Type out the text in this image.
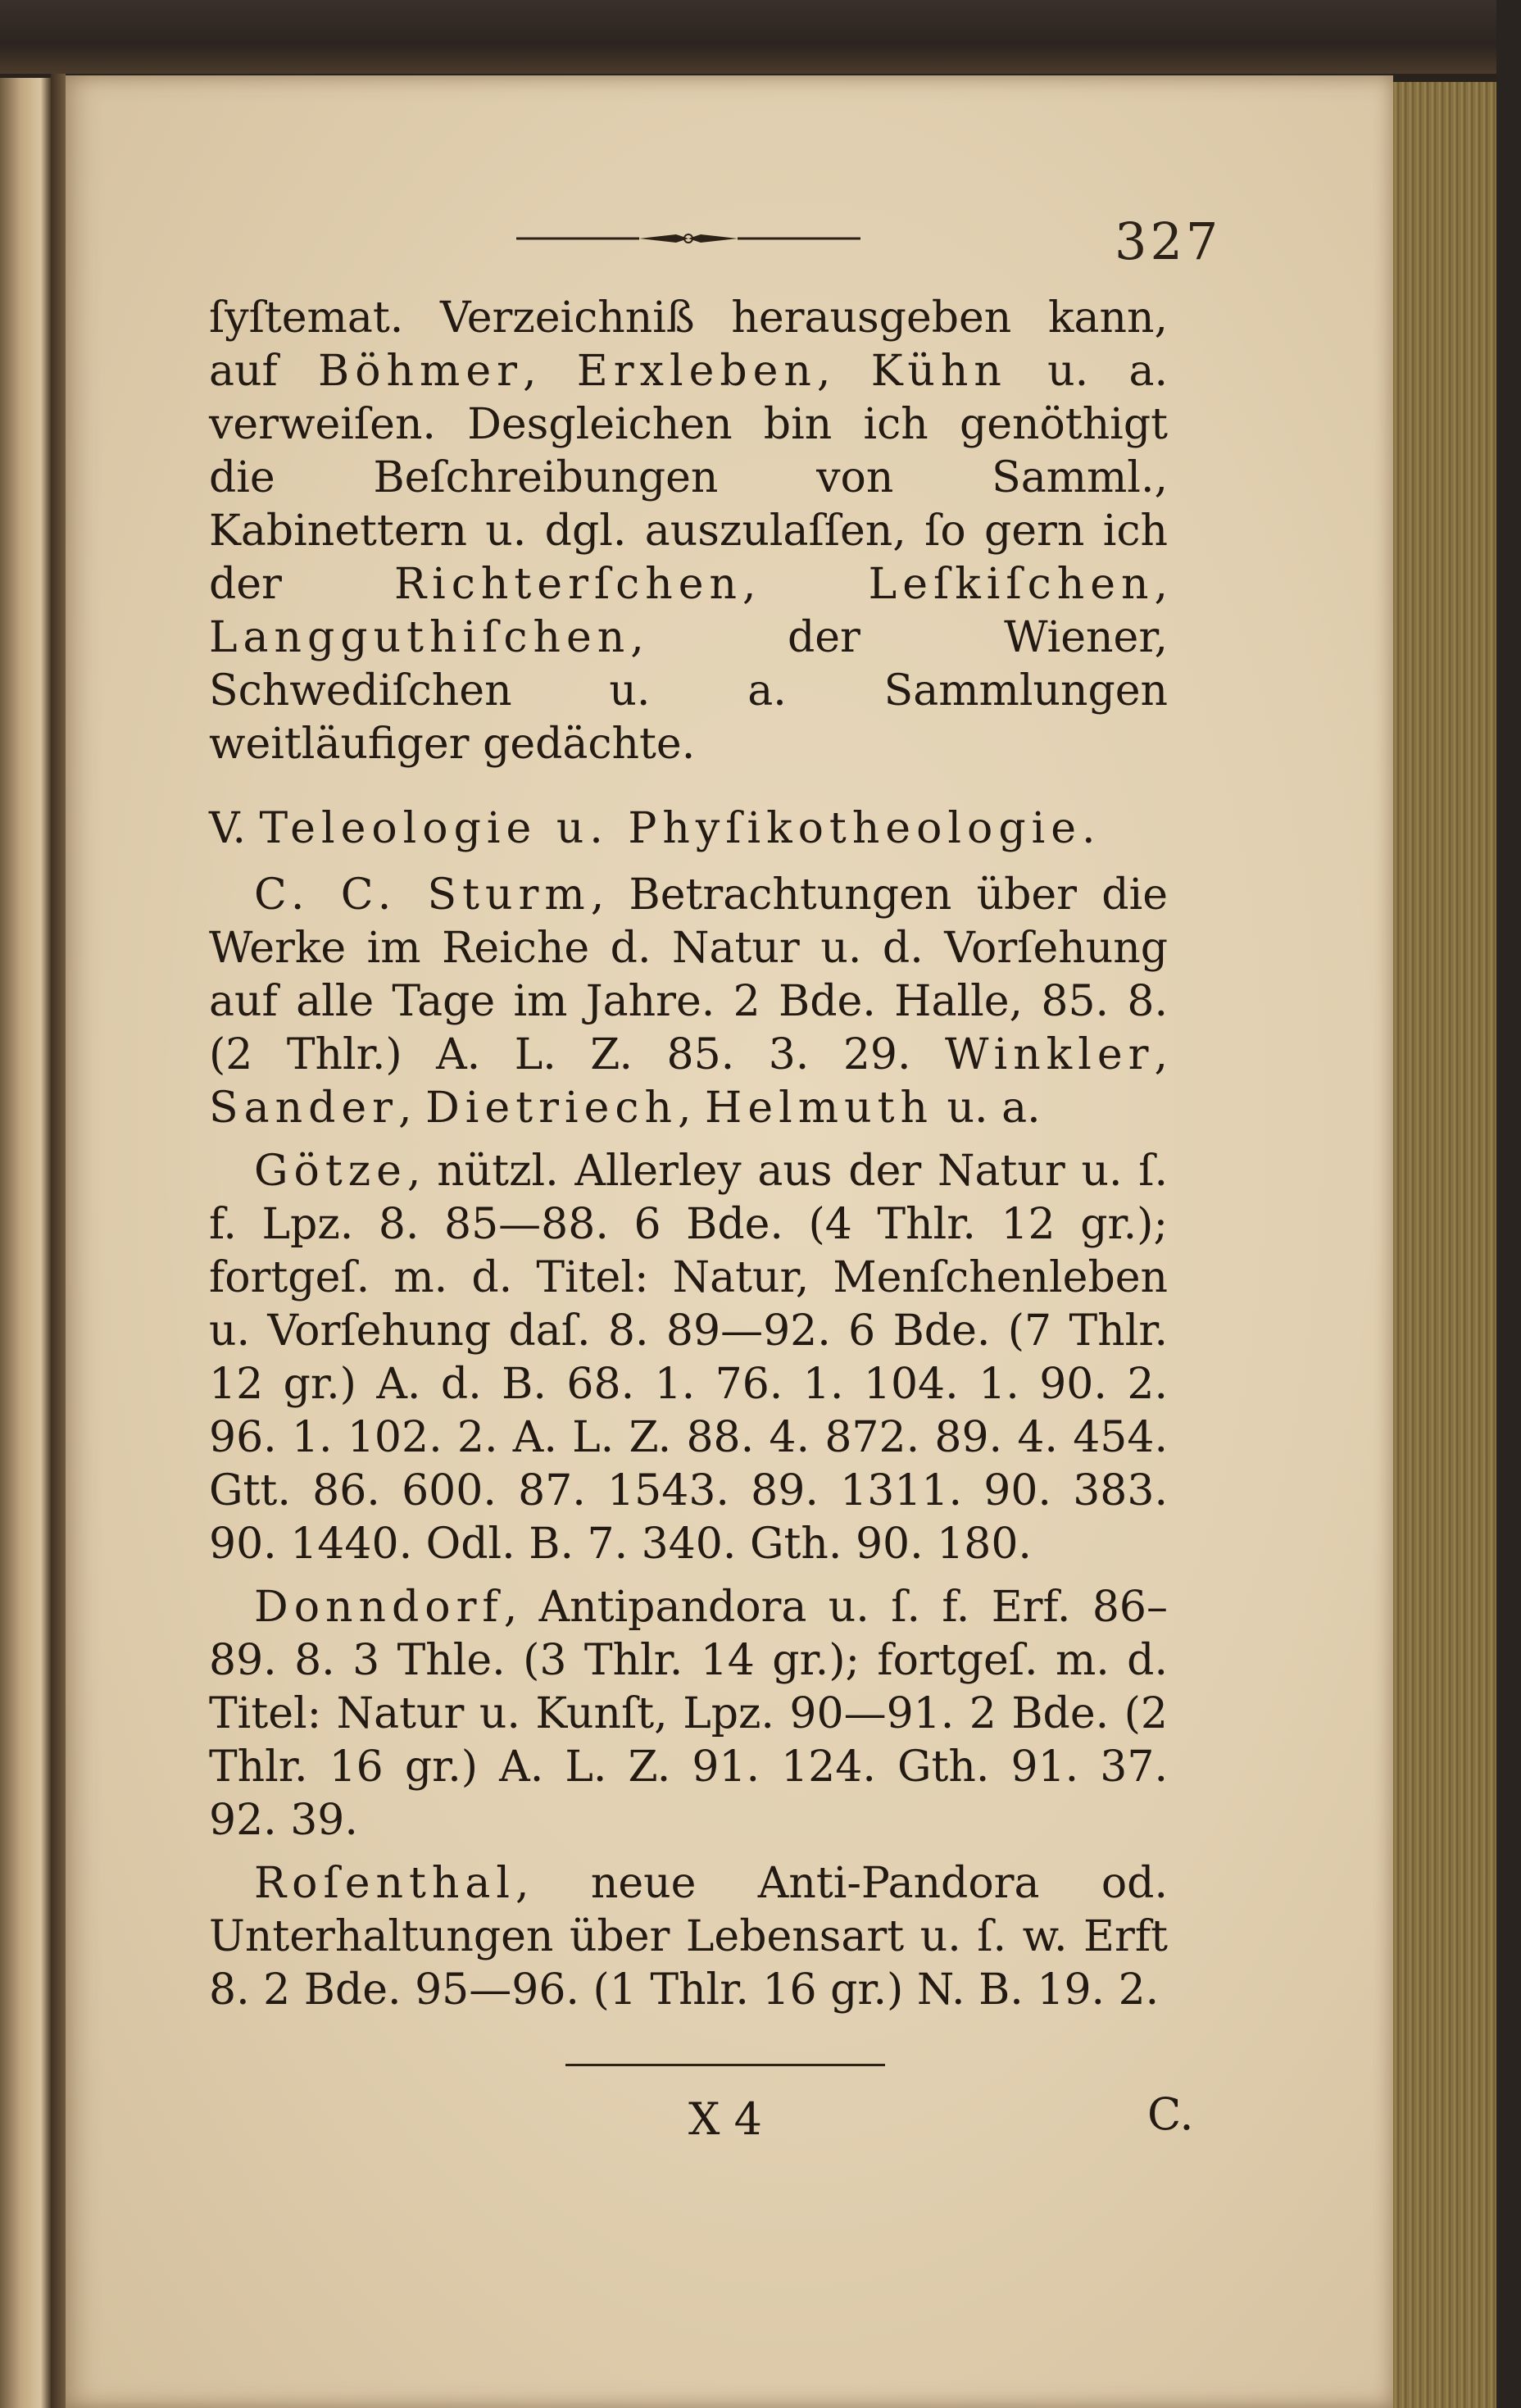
327

ſyſtemat. Verzeichniß herausgeben kann, auf Böhmer, Erxleben, Kühn u. a. verweiſen. Desgleichen bin ich genöthigt die Beſchreibungen von Samml., Kabinettern u. dgl. auszulaſſen, ſo gern ich der Richterſchen, Leſkiſchen, Langguthiſchen, der Wiener, Schwediſchen u. a. Sammlungen weitläufiger gedächte.

V. Teleologie u. Phyſikotheologie.

C. C. Sturm, Betrachtungen über die Werke im Reiche d. Natur u. d. Vorſehung auf alle Tage im Jahre. 2 Bde. Halle, 85. 8. (2 Thlr.) A. L. Z. 85. 3. 29. Winkler, Sander, Dietriech, Helmuth u. a.

Götze, nützl. Allerley aus der Natur u. ſ. f. Lpz. 8. 85—88. 6 Bde. (4 Thlr. 12 gr.); fortgeſ. m. d. Titel: Natur, Menſchenleben u. Vorſehung daſ. 8. 89—92. 6 Bde. (7 Thlr. 12 gr.) A. d. B. 68. 1. 76. 1. 104. 1. 90. 2. 96. 1. 102. 2. A. L. Z. 88. 4. 872. 89. 4. 454. Gtt. 86. 600. 87. 1543. 89. 1311. 90. 383. 90. 1440. Odl. B. 7. 340. Gth. 90. 180.

Donndorf, Antipandora u. ſ. f. Erf. 86–89. 8. 3 Thle. (3 Thlr. 14 gr.); fortgeſ. m. d. Titel: Natur u. Kunſt, Lpz. 90—91. 2 Bde. (2 Thlr. 16 gr.) A. L. Z. 91. 124. Gth. 91. 37. 92. 39.

Roſenthal, neue Anti-Pandora od. Unterhaltungen über Lebensart u. ſ. w. Erft 8. 2 Bde. 95—96. (1 Thlr. 16 gr.) N. B. 19. 2.

X 4	C.
